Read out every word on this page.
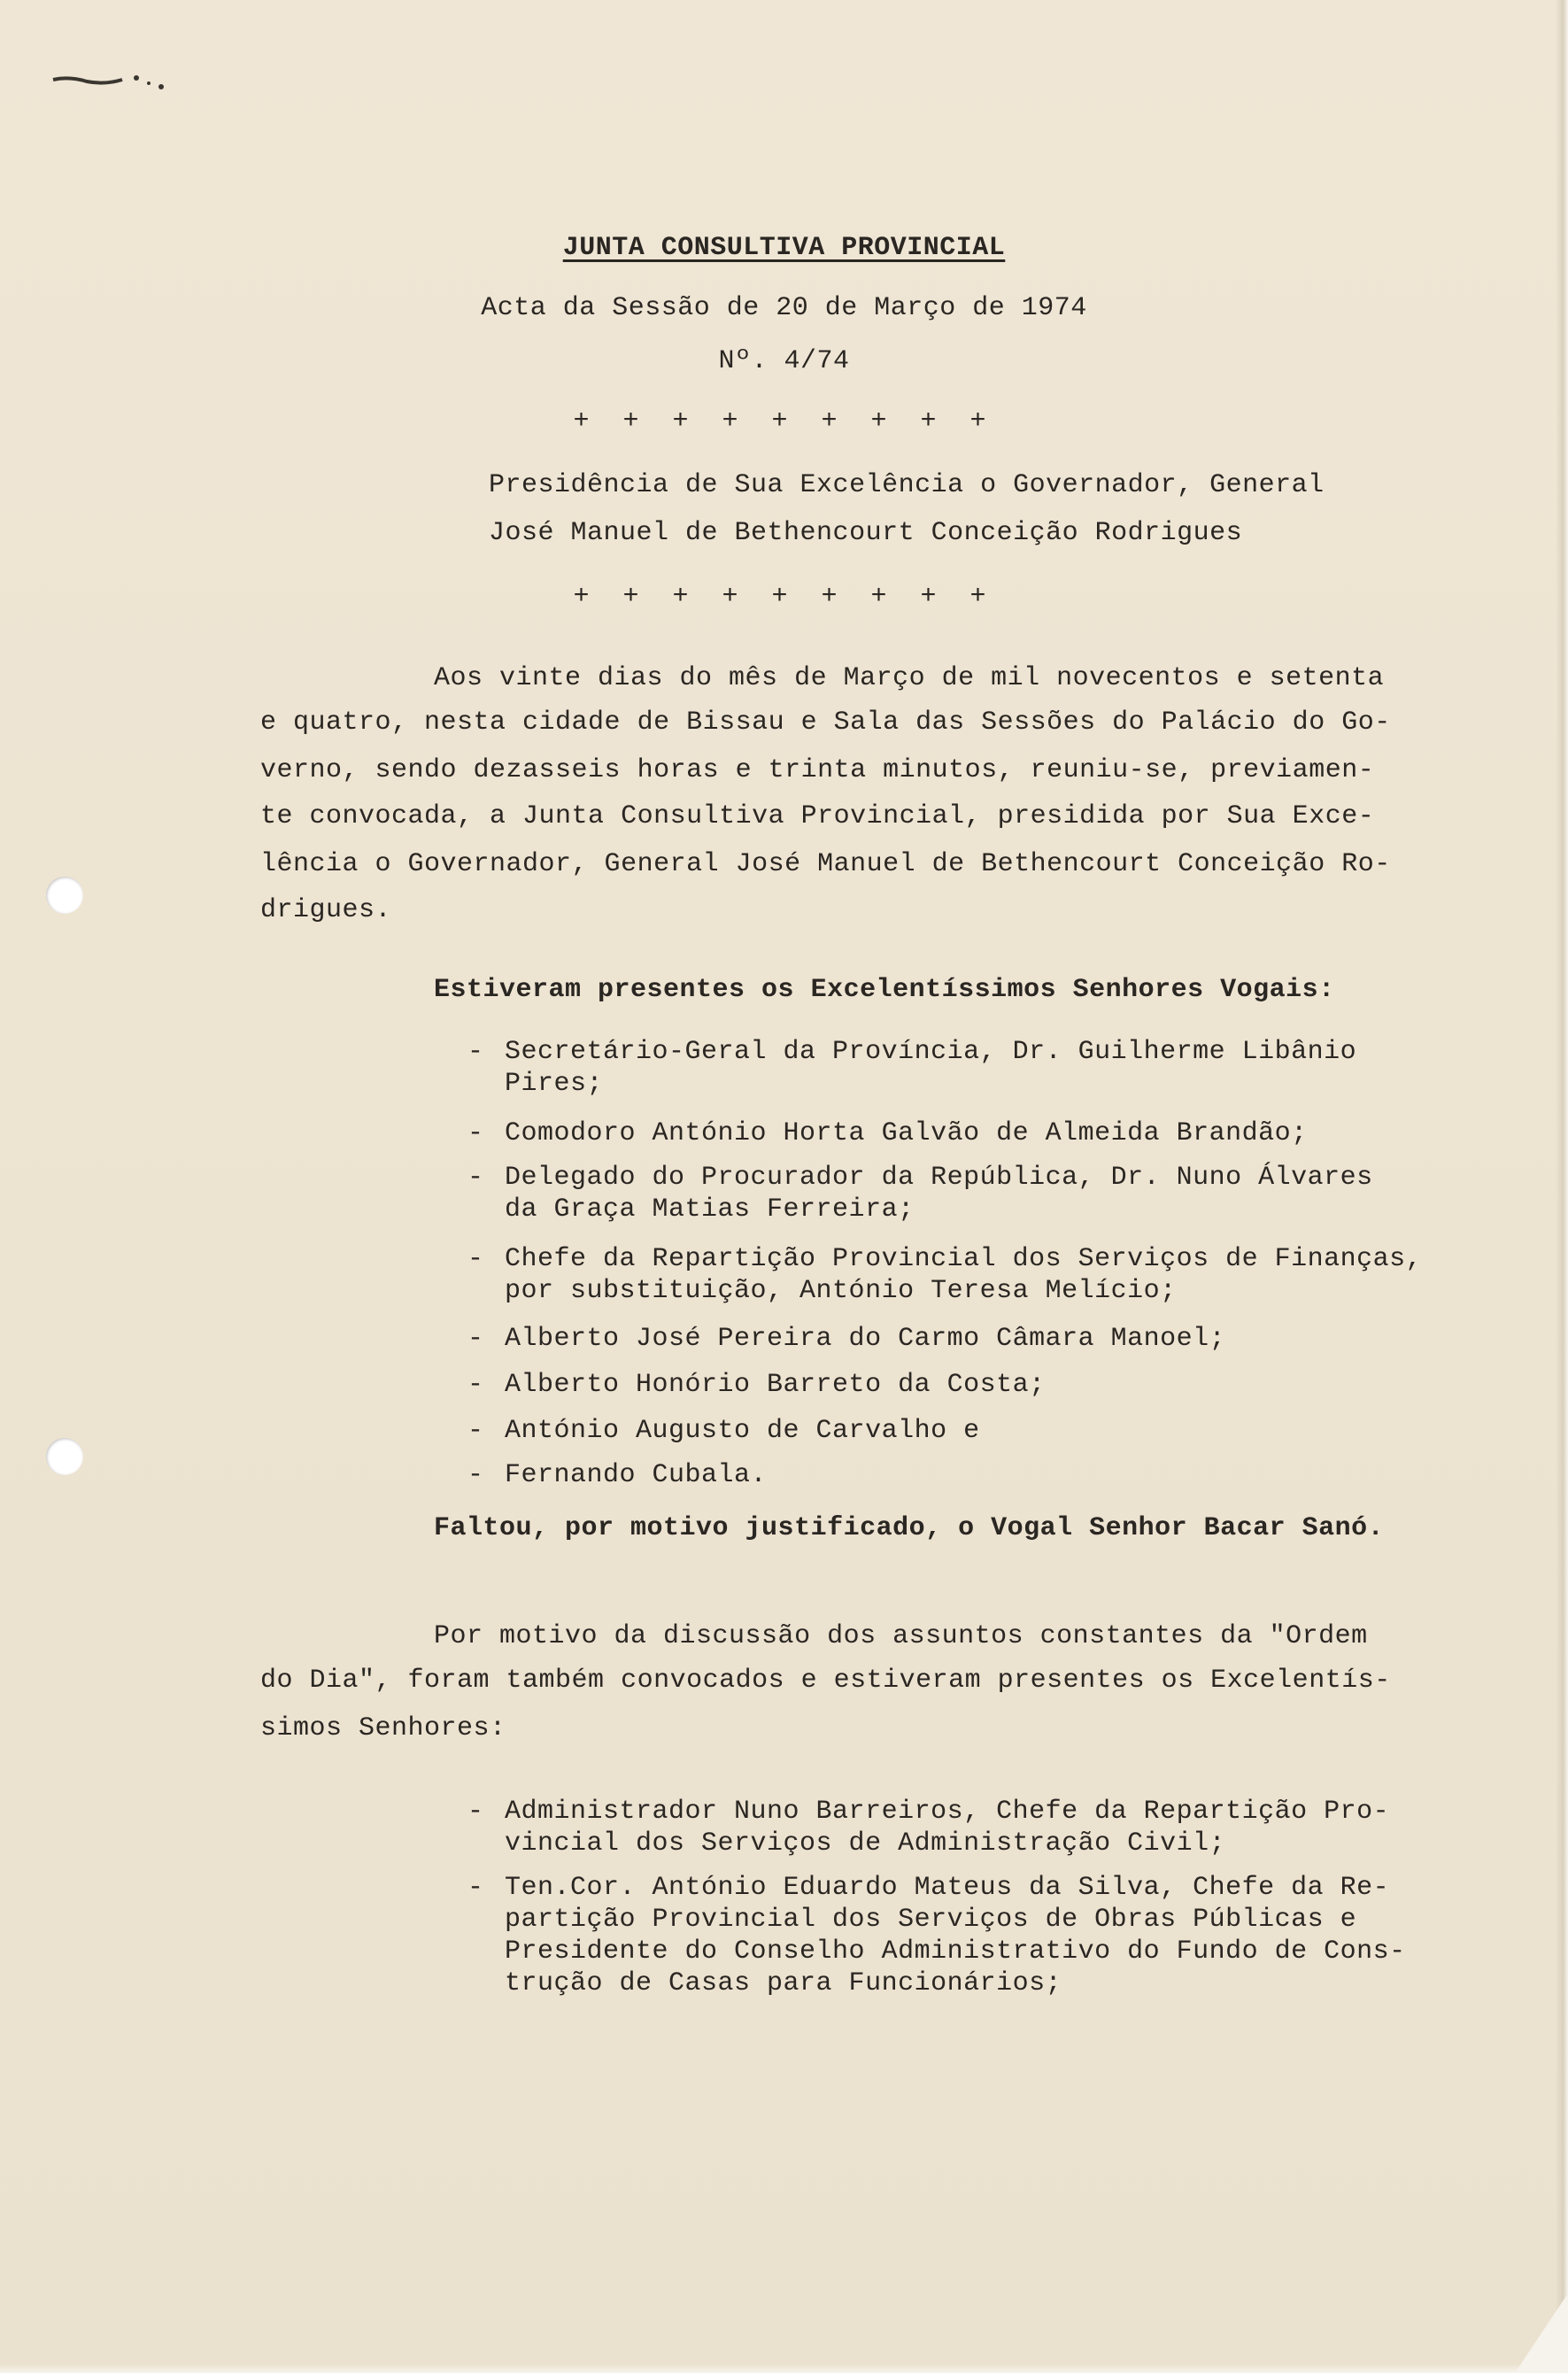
JUNTA CONSULTIVA PROVINCIAL
Acta da Sessão de 20 de Março de 1974
Nº. 4/74
+ + + + + + + + +
Presidência de Sua Excelência o Governador, General
José Manuel de Bethencourt Conceição Rodrigues
+ + + + + + + + +
Aos vinte dias do mês de Março de mil novecentos e setenta
e quatro, nesta cidade de Bissau e Sala das Sessões do Palácio do Go-
verno, sendo dezasseis horas e trinta minutos, reuniu-se, previamen-
te convocada, a Junta Consultiva Provincial, presidida por Sua Exce-
lência o Governador, General José Manuel de Bethencourt Conceição Ro-
drigues.
Estiveram presentes os Excelentíssimos Senhores Vogais:
- Secretário-Geral da Província, Dr. Guilherme Libânio
Pires;
- Comodoro António Horta Galvão de Almeida Brandão;
- Delegado do Procurador da República, Dr. Nuno Álvares
da Graça Matias Ferreira;
- Chefe da Repartição Provincial dos Serviços de Finanças,
por substituição, António Teresa Melício;
- Alberto José Pereira do Carmo Câmara Manoel;
- Alberto Honório Barreto da Costa;
- António Augusto de Carvalho e
- Fernando Cubala.
Faltou, por motivo justificado, o Vogal Senhor Bacar Sanó.
Por motivo da discussão dos assuntos constantes da "Ordem
do Dia", foram também convocados e estiveram presentes os Excelentís-
simos Senhores:
- Administrador Nuno Barreiros, Chefe da Repartição Pro-
vincial dos Serviços de Administração Civil;
- Ten.Cor. António Eduardo Mateus da Silva, Chefe da Re-
partição Provincial dos Serviços de Obras Públicas e
Presidente do Conselho Administrativo do Fundo de Cons-
trução de Casas para Funcionários;
